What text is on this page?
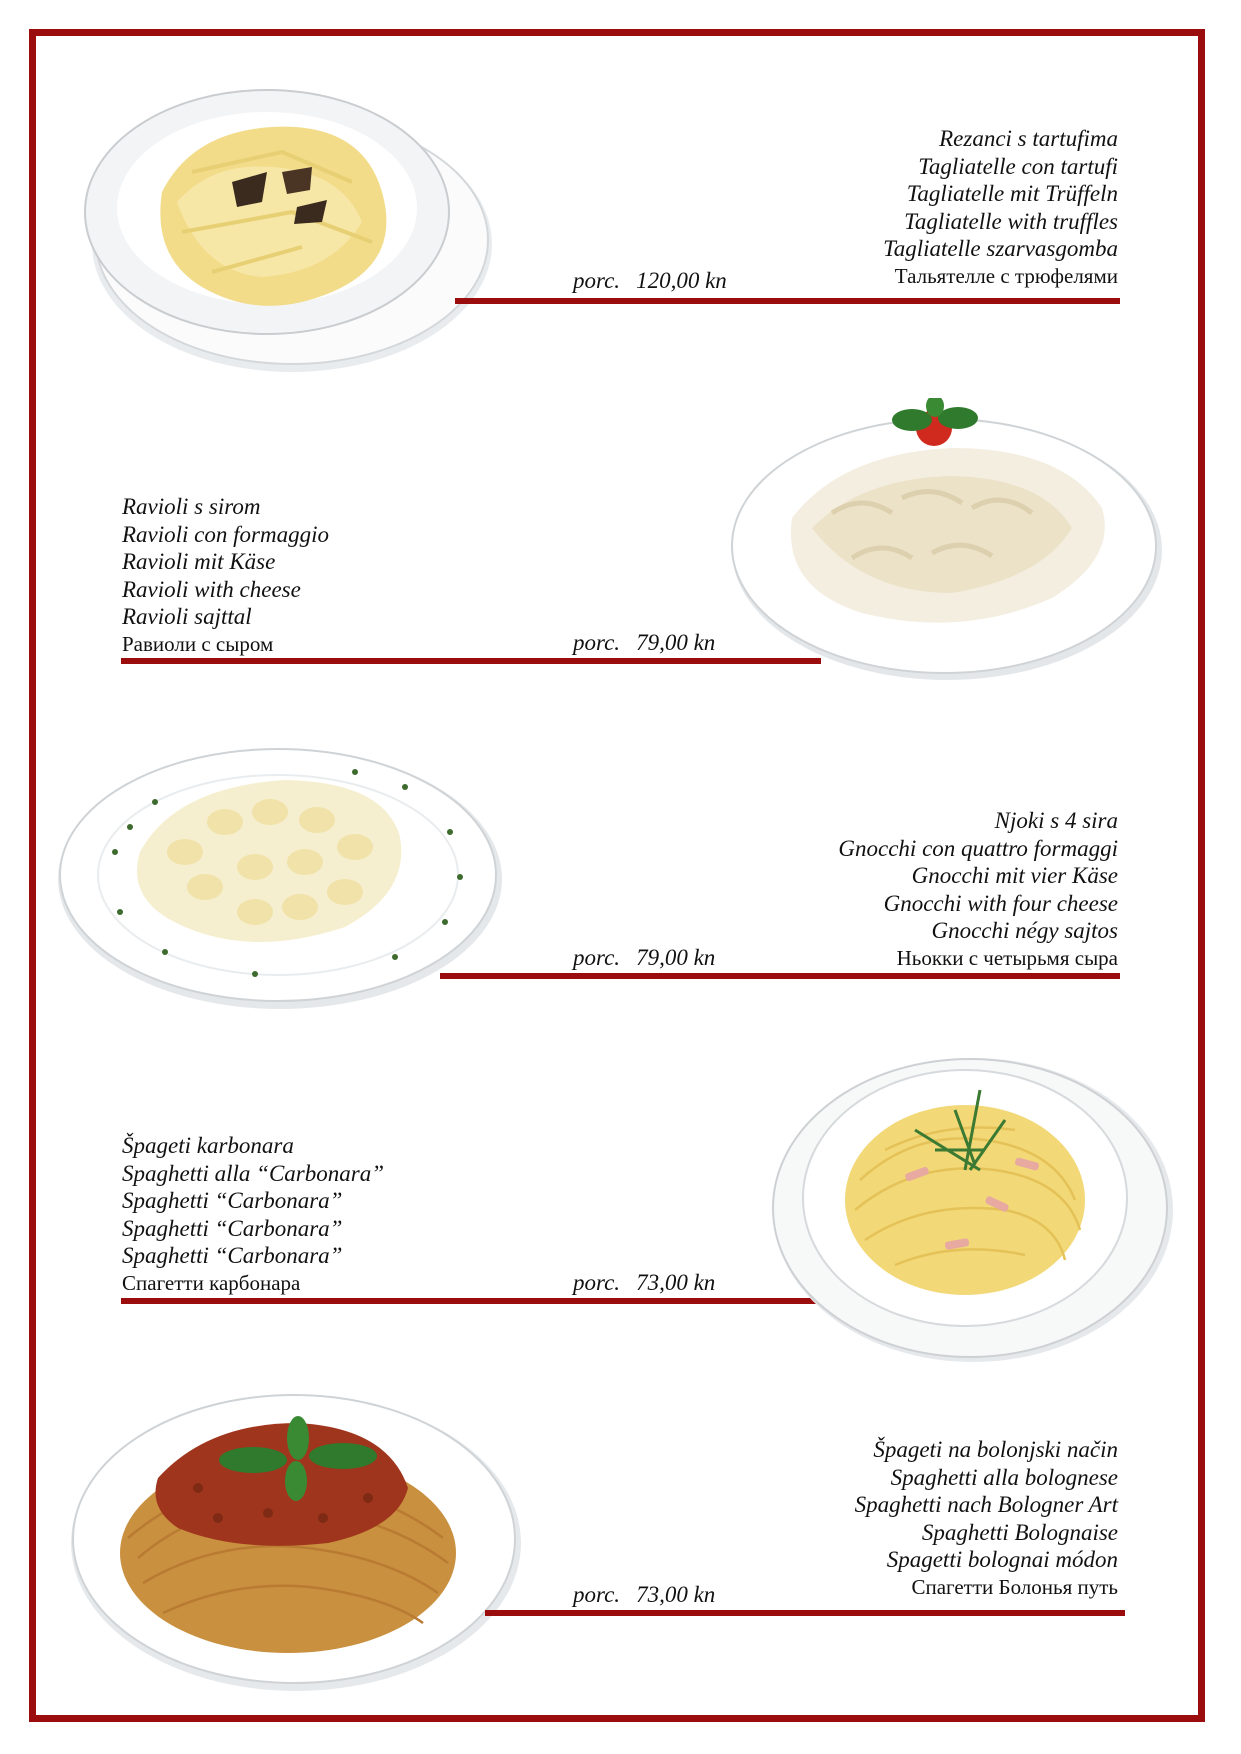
Rezanci s tartufima
Tagliatelle con tartufi
Tagliatelle mit Trüffeln
Tagliatelle with truffles
Tagliatelle szarvasgomba
Тальятелле с трюфелями
porc. 120,00 kn
Ravioli s sirom
Ravioli con formaggio
Ravioli mit Käse
Ravioli with cheese
Ravioli sajttal
Равиоли с сыром	porc. 79,00 kn
Njoki s 4 sira
Gnocchi con quattro formaggi
Gnocchi mit vier Käse
Gnocchi with four cheese
Gnocchi négy sajtos
Ньокки с четырьмя сыра
porc. 79,00 kn
Špageti karbonara
Spaghetti alla “Carbonara”
Spaghetti “Carbonara”
Spaghetti “Carbonara”
Spaghetti “Carbonara”
Спагетти карбонара	porc. 73,00 kn
Špageti na bolonjski način
Spaghetti alla bolognese
Spaghetti nach Bologner Art
Spaghetti Bolognaise
Spagetti bolognai módon
Спагетти Болонья путь
porc. 73,00 kn
